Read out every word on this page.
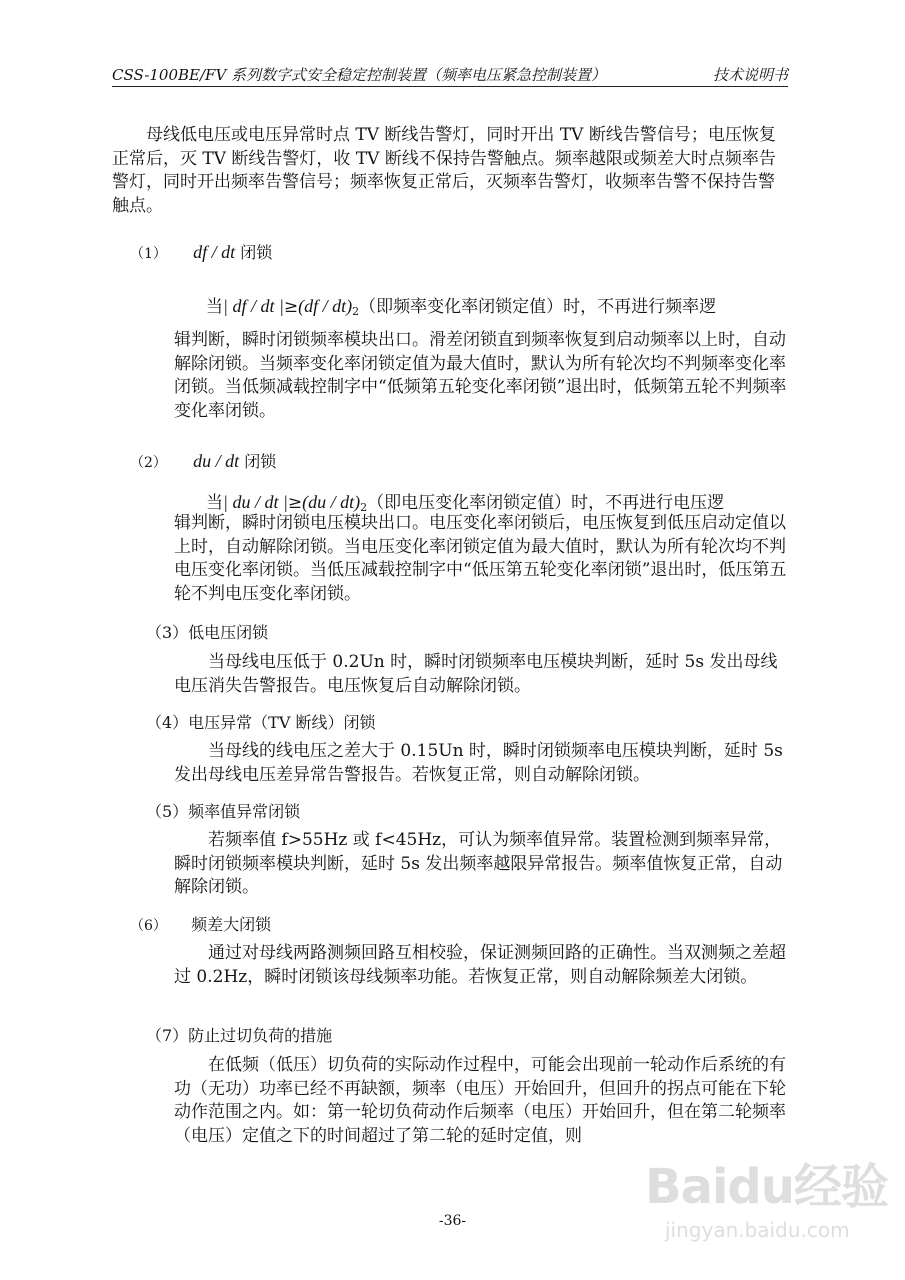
CSS-100BE/FV 系列数字式安全稳定控制装置（频率电压紧急控制装置）	技术说明书

母线低电压或电压异常时点 TV 断线告警灯，同时开出 TV 断线告警信号；电压恢复正常后，灭 TV 断线告警灯，收 TV 断线不保持告警触点。频率越限或频差大时点频率告警灯，同时开出频率告警信号；频率恢复正常后，灭频率告警灯，收频率告警不保持告警触点。

（1） df / dt 闭锁
当| df / dt $|\ge(df / dt)_2$（即频率变化率闭锁定值）时，不再进行频率逻

辑判断，瞬时闭锁频率模块出口。滑差闭锁直到频率恢复到启动频率以上时，自动解除闭锁。当频率变化率闭锁定值为最大值时，默认为所有轮次均不判频率变化率闭锁。当低频减载控制字中“低频第五轮变化率闭锁”退出时，低频第五轮不判频率变化率闭锁。

（2） du / dt 闭锁
当| du / dt $|\ge(du / dt)_2$（即电压变化率闭锁定值）时，不再进行电压逻

辑判断，瞬时闭锁电压模块出口。电压变化率闭锁后，电压恢复到低压启动定值以上时，自动解除闭锁。当电压变化率闭锁定值为最大值时，默认为所有轮次均不判电压变化率闭锁。当低压减载控制字中“低压第五轮变化率闭锁”退出时，低压第五轮不判电压变化率闭锁。

（3）低电压闭锁

当母线电压低于 0.2Un 时，瞬时闭锁频率电压模块判断，延时 5s 发出母线电压消失告警报告。电压恢复后自动解除闭锁。

（4）电压异常（TV 断线）闭锁

当母线的线电压之差大于 0.15Un 时，瞬时闭锁频率电压模块判断，延时 5s 发出母线电压差异常告警报告。若恢复正常，则自动解除闭锁。

（5）频率值异常闭锁

若频率值 f>55Hz 或 f<45Hz，可认为频率值异常。装置检测到频率异常，瞬时闭锁频率模块判断，延时 5s 发出频率越限异常报告。频率值恢复正常，自动解除闭锁。

（6） 频差大闭锁

通过对母线两路测频回路互相校验，保证测频回路的正确性。当双测频之差超过 0.2Hz，瞬时闭锁该母线频率功能。若恢复正常，则自动解除频差大闭锁。

（7）防止过切负荷的措施

在低频（低压）切负荷的实际动作过程中，可能会出现前一轮动作后系统的有功（无功）功率已经不再缺额，频率（电压）开始回升，但回升的拐点可能在下轮动作范围之内。如：第一轮切负荷动作后频率（电压）开始回升，但在第二轮频率（电压）定值之下的时间超过了第二轮的延时定值，则

-36-
Baidu经验
jingyan.baidu.com
